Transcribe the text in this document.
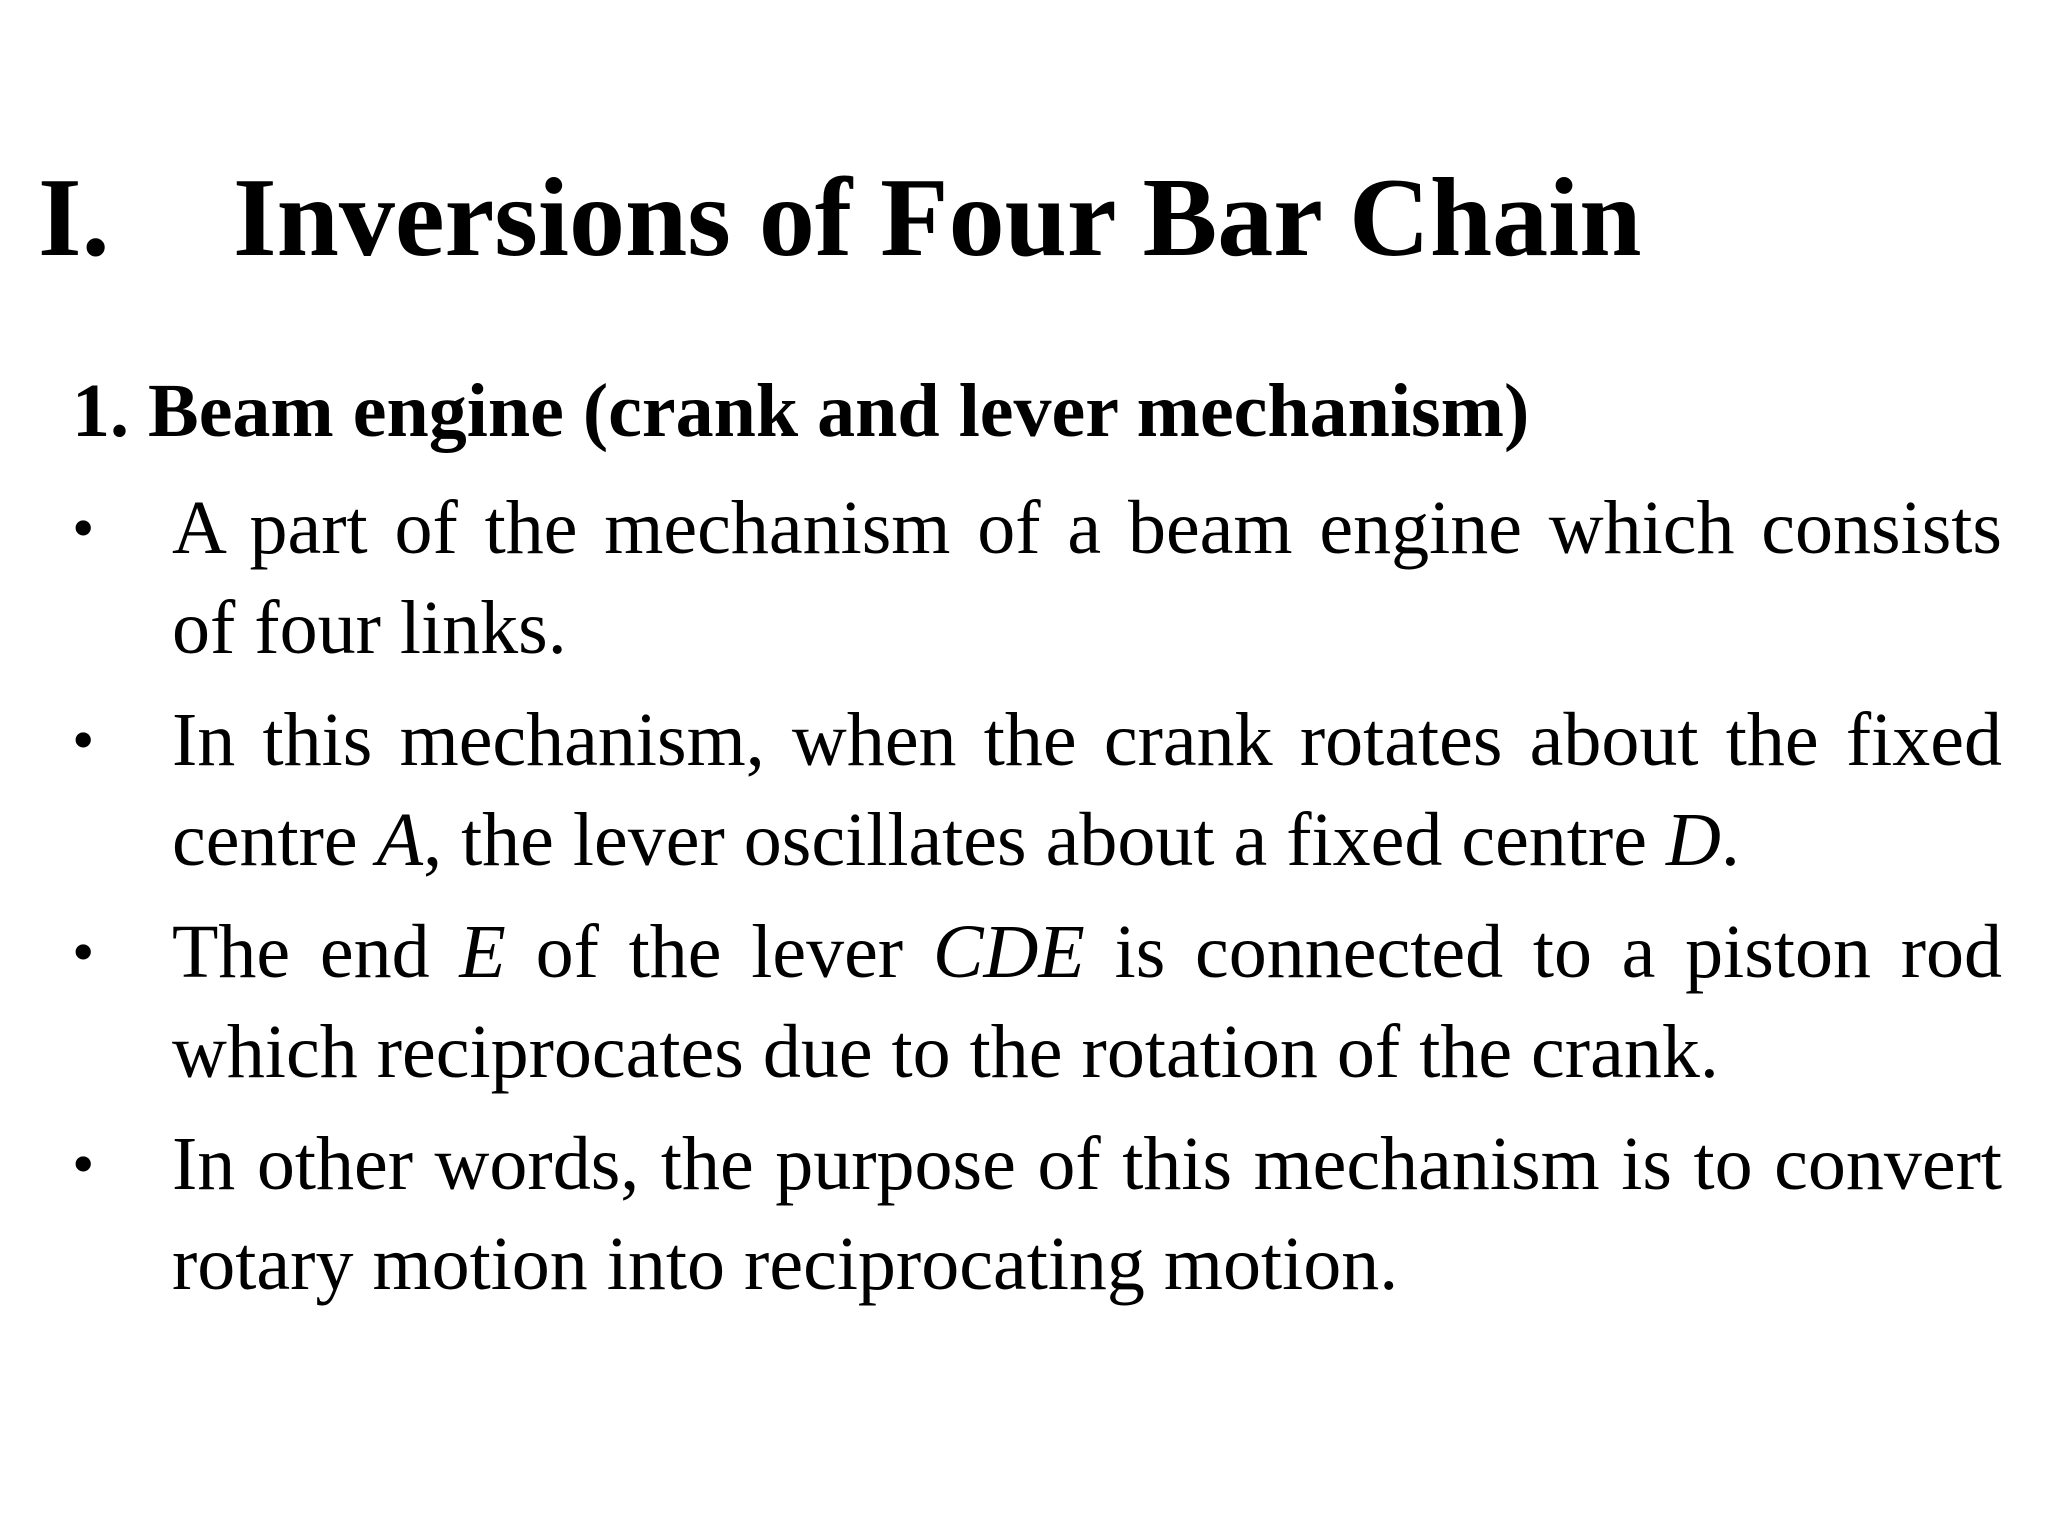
I. Inversions of Four Bar Chain
1. Beam engine (crank and lever mechanism)
• A part of the mechanism of a beam engine which consists of four links.
• In this mechanism, when the crank rotates about the fixed centre A, the lever oscillates about a fixed centre D.
• The end E of the lever CDE is connected to a piston rod which reciprocates due to the rotation of the crank.
• In other words, the purpose of this mechanism is to convert rotary motion into reciprocating motion.
